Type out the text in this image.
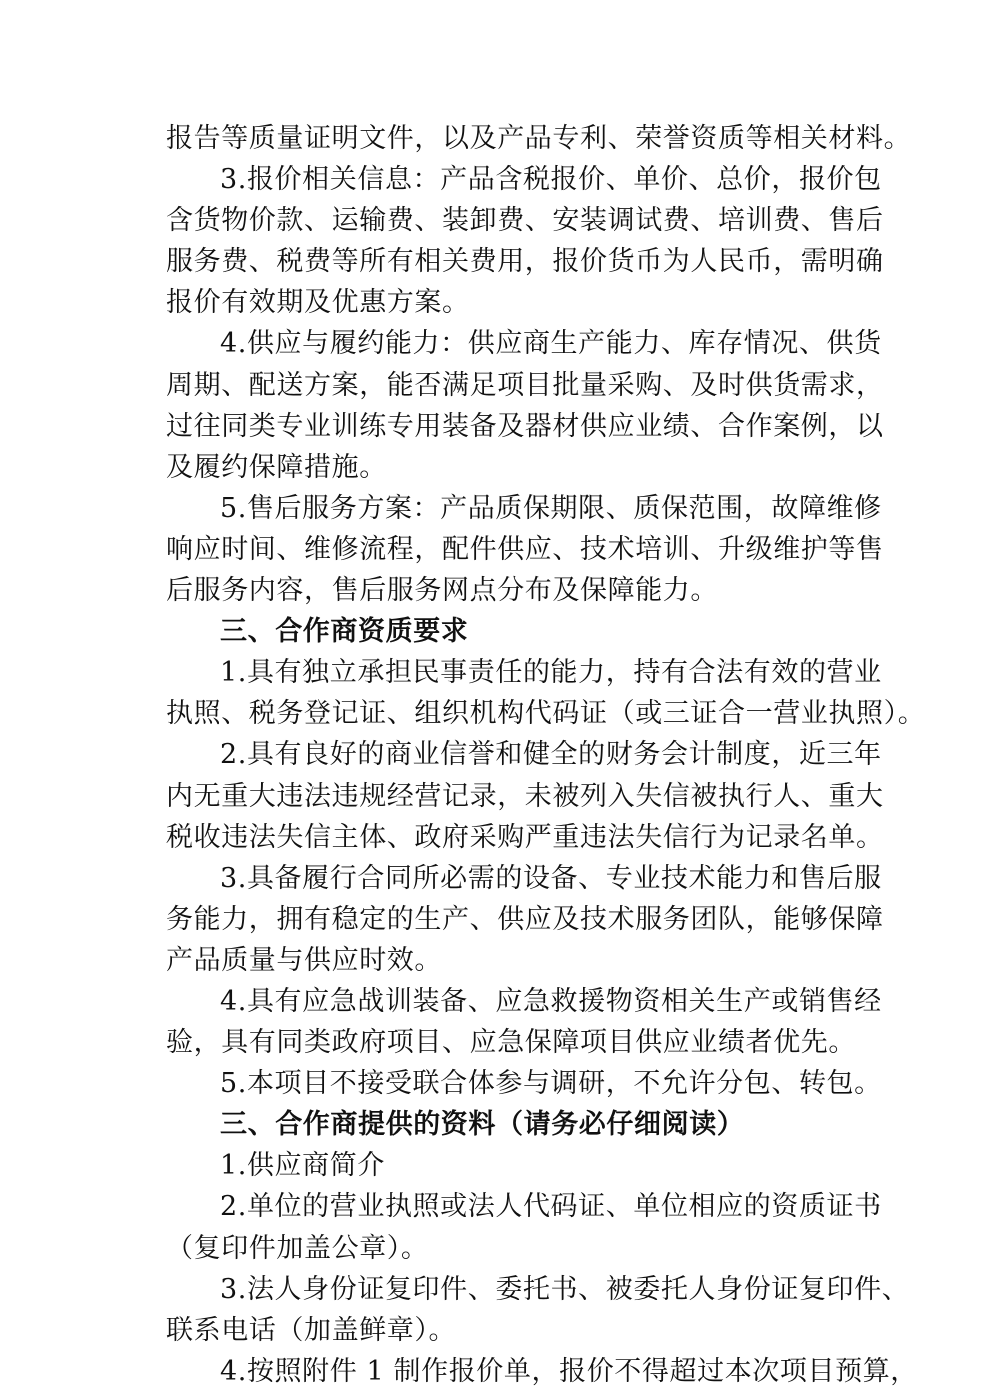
报告等质量证明文件，以及产品专利、荣誉资质等相关材料。

3.报价相关信息：产品含税报价、单价、总价，报价包

含货物价款、运输费、装卸费、安装调试费、培训费、售后

服务费、税费等所有相关费用，报价货币为人民币，需明确

报价有效期及优惠方案。

4.供应与履约能力：供应商生产能力、库存情况、供货

周期、配送方案，能否满足项目批量采购、及时供货需求，

过往同类专业训练专用装备及器材供应业绩、合作案例，以

及履约保障措施。

5.售后服务方案：产品质保期限、质保范围，故障维修

响应时间、维修流程，配件供应、技术培训、升级维护等售

后服务内容，售后服务网点分布及保障能力。

三、合作商资质要求

1.具有独立承担民事责任的能力，持有合法有效的营业

执照、税务登记证、组织机构代码证（或三证合一营业执照）。

2.具有良好的商业信誉和健全的财务会计制度，近三年

内无重大违法违规经营记录，未被列入失信被执行人、重大

税收违法失信主体、政府采购严重违法失信行为记录名单。

3.具备履行合同所必需的设备、专业技术能力和售后服

务能力，拥有稳定的生产、供应及技术服务团队，能够保障

产品质量与供应时效。

4.具有应急战训装备、应急救援物资相关生产或销售经

验，具有同类政府项目、应急保障项目供应业绩者优先。

5.本项目不接受联合体参与调研，不允许分包、转包。

三、合作商提供的资料（请务必仔细阅读）

1.供应商简介

2.单位的营业执照或法人代码证、单位相应的资质证书

（复印件加盖公章）。

3.法人身份证复印件、委托书、被委托人身份证复印件、

联系电话（加盖鲜章）。

4.按照附件 1 制作报价单，报价不得超过本次项目预算，
